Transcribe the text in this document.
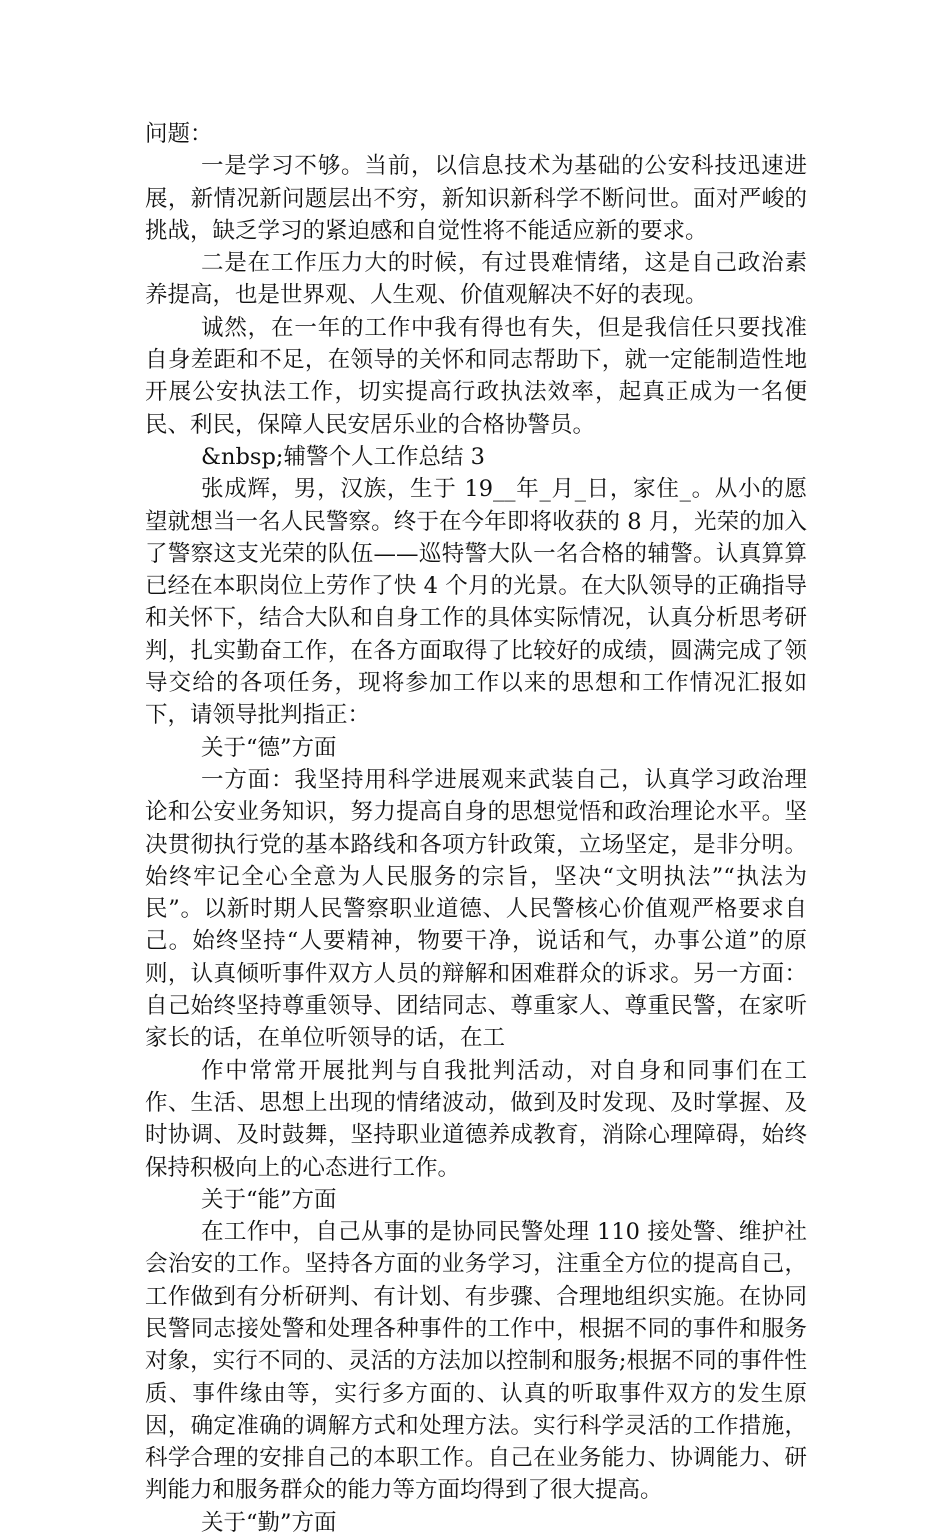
问题：

一是学习不够。当前，以信息技术为基础的公安科技迅速进展，新情况新问题层出不穷，新知识新科学不断问世。面对严峻的挑战，缺乏学习的紧迫感和自觉性将不能适应新的要求。

二是在工作压力大的时候，有过畏难情绪，这是自己政治素养提高，也是世界观、人生观、价值观解决不好的表现。

诚然，在一年的工作中我有得也有失，但是我信任只要找准自身差距和不足，在领导的关怀和同志帮助下，就一定能制造性地开展公安执法工作，切实提高行政执法效率，起真正成为一名便民、利民，保障人民安居乐业的合格协警员。

&nbsp;辅警个人工作总结 3

张成辉，男，汉族，生于 19__年_月_日，家住_。从小的愿望就想当一名人民警察。终于在今年即将收获的 8 月，光荣的加入了警察这支光荣的队伍——巡特警大队一名合格的辅警。认真算算已经在本职岗位上劳作了快 4 个月的光景。在大队领导的正确指导和关怀下，结合大队和自身工作的具体实际情况，认真分析思考研判，扎实勤奋工作，在各方面取得了比较好的成绩，圆满完成了领导交给的各项任务，现将参加工作以来的思想和工作情况汇报如下，请领导批判指正：

关于“德”方面

一方面：我坚持用科学进展观来武装自己，认真学习政治理论和公安业务知识，努力提高自身的思想觉悟和政治理论水平。坚决贯彻执行党的基本路线和各项方针政策，立场坚定，是非分明。始终牢记全心全意为人民服务的宗旨，坚决“文明执法”“执法为民”。以新时期人民警察职业道德、人民警核心价值观严格要求自己。始终坚持“人要精神，物要干净，说话和气，办事公道”的原则，认真倾听事件双方人员的辩解和困难群众的诉求。另一方面：自己始终坚持尊重领导、团结同志、尊重家人、尊重民警，在家听家长的话，在单位听领导的话，在工

作中常常开展批判与自我批判活动，对自身和同事们在工作、生活、思想上出现的情绪波动，做到及时发现、及时掌握、及时协调、及时鼓舞，坚持职业道德养成教育，消除心理障碍，始终保持积极向上的心态进行工作。

关于“能”方面

在工作中，自己从事的是协同民警处理 110 接处警、维护社会治安的工作。坚持各方面的业务学习，注重全方位的提高自己，工作做到有分析研判、有计划、有步骤、合理地组织实施。在协同民警同志接处警和处理各种事件的工作中，根据不同的事件和服务对象，实行不同的、灵活的方法加以控制和服务;根据不同的事件性质、事件缘由等，实行多方面的、认真的听取事件双方的发生原因，确定准确的调解方式和处理方法。实行科学灵活的工作措施，科学合理的安排自己的本职工作。自己在业务能力、协调能力、研判能力和服务群众的能力等方面均得到了很大提高。

关于“勤”方面
